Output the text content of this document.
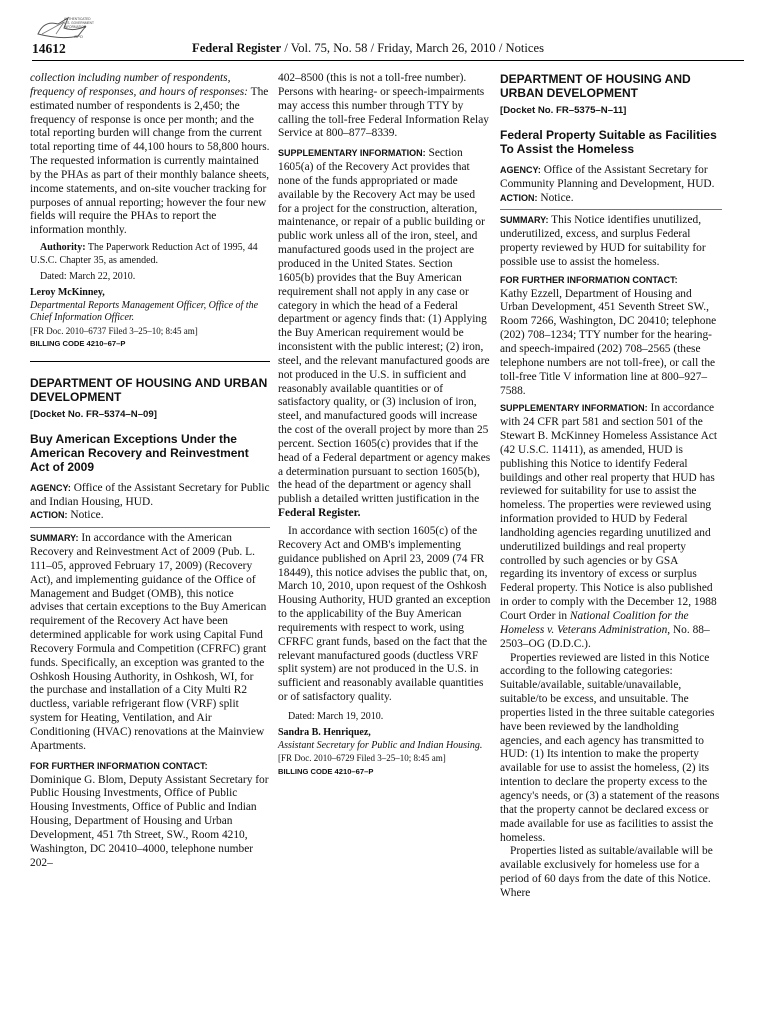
AUTHENTICATED
U.S. GOVERNMENT
INFORMATION
GPO
14612	Federal Register / Vol. 75, No. 58 / Friday, March 26, 2010 / Notices

collection including number of respondents, frequency of responses, and hours of responses: The estimated number of respondents is 2,450; the frequency of response is once per month; and the total reporting burden will change from the current total reporting time of 44,100 hours to 58,800 hours. The requested information is currently maintained by the PHAs as part of their monthly balance sheets, income statements, and on-site voucher tracking for purposes of annual reporting; however the four new fields will require the PHAs to report the information monthly.

Authority: The Paperwork Reduction Act of 1995, 44 U.S.C. Chapter 35, as amended.

Dated: March 22, 2010.

Leroy McKinney,

Departmental Reports Management Officer, Office of the Chief Information Officer.

[FR Doc. 2010–6737 Filed 3–25–10; 8:45 am]

BILLING CODE 4210–67–P

DEPARTMENT OF HOUSING AND URBAN DEVELOPMENT

[Docket No. FR–5374–N–09]

Buy American Exceptions Under the American Recovery and Reinvestment Act of 2009

AGENCY: Office of the Assistant Secretary for Public and Indian Housing, HUD.

ACTION: Notice.

SUMMARY: In accordance with the American Recovery and Reinvestment Act of 2009 (Pub. L. 111–05, approved February 17, 2009) (Recovery Act), and implementing guidance of the Office of Management and Budget (OMB), this notice advises that certain exceptions to the Buy American requirement of the Recovery Act have been determined applicable for work using Capital Fund Recovery Formula and Competition (CFRFC) grant funds. Specifically, an exception was granted to the Oshkosh Housing Authority, in Oshkosh, WI, for the purchase and installation of a City Multi R2 ductless, variable refrigerant flow (VRF) split system for Heating, Ventilation, and Air Conditioning (HVAC) renovations at the Mainview Apartments.

FOR FURTHER INFORMATION CONTACT:

Dominique G. Blom, Deputy Assistant Secretary for Public Housing Investments, Office of Public Housing Investments, Office of Public and Indian Housing, Department of Housing and Urban Development, 451 7th Street, SW., Room 4210, Washington, DC 20410–4000, telephone number 202–

402–8500 (this is not a toll-free number). Persons with hearing- or speech-impairments may access this number through TTY by calling the toll-free Federal Information Relay Service at 800–877–8339.

SUPPLEMENTARY INFORMATION: Section 1605(a) of the Recovery Act provides that none of the funds appropriated or made available by the Recovery Act may be used for a project for the construction, alteration, maintenance, or repair of a public building or public work unless all of the iron, steel, and manufactured goods used in the project are produced in the United States. Section 1605(b) provides that the Buy American requirement shall not apply in any case or category in which the head of a Federal department or agency finds that: (1) Applying the Buy American requirement would be inconsistent with the public interest; (2) iron, steel, and the relevant manufactured goods are not produced in the U.S. in sufficient and reasonably available quantities or of satisfactory quality, or (3) inclusion of iron, steel, and manufactured goods will increase the cost of the overall project by more than 25 percent. Section 1605(c) provides that if the head of a Federal department or agency makes a determination pursuant to section 1605(b), the head of the department or agency shall publish a detailed written justification in the Federal Register.

In accordance with section 1605(c) of the Recovery Act and OMB's implementing guidance published on April 23, 2009 (74 FR 18449), this notice advises the public that, on, March 10, 2010, upon request of the Oshkosh Housing Authority, HUD granted an exception to the applicability of the Buy American requirements with respect to work, using CFRFC grant funds, based on the fact that the relevant manufactured goods (ductless VRF split system) are not produced in the U.S. in sufficient and reasonably available quantities or of satisfactory quality.

Dated: March 19, 2010.

Sandra B. Henriquez,

Assistant Secretary for Public and Indian Housing.

[FR Doc. 2010–6729 Filed 3–25–10; 8:45 am]

BILLING CODE 4210–67–P

DEPARTMENT OF HOUSING AND URBAN DEVELOPMENT

[Docket No. FR–5375–N–11]

Federal Property Suitable as Facilities To Assist the Homeless

AGENCY: Office of the Assistant Secretary for Community Planning and Development, HUD.

ACTION: Notice.

SUMMARY: This Notice identifies unutilized, underutilized, excess, and surplus Federal property reviewed by HUD for suitability for possible use to assist the homeless.

FOR FURTHER INFORMATION CONTACT:

Kathy Ezzell, Department of Housing and Urban Development, 451 Seventh Street SW., Room 7266, Washington, DC 20410; telephone (202) 708–1234; TTY number for the hearing- and speech-impaired (202) 708–2565 (these telephone numbers are not toll-free), or call the toll-free Title V information line at 800–927–7588.

SUPPLEMENTARY INFORMATION: In accordance with 24 CFR part 581 and section 501 of the Stewart B. McKinney Homeless Assistance Act (42 U.S.C. 11411), as amended, HUD is publishing this Notice to identify Federal buildings and other real property that HUD has reviewed for suitability for use to assist the homeless. The properties were reviewed using information provided to HUD by Federal landholding agencies regarding unutilized and underutilized buildings and real property controlled by such agencies or by GSA regarding its inventory of excess or surplus Federal property. This Notice is also published in order to comply with the December 12, 1988 Court Order in National Coalition for the Homeless v. Veterans Administration, No. 88–2503–OG (D.D.C.).

Properties reviewed are listed in this Notice according to the following categories: Suitable/available, suitable/unavailable, suitable/to be excess, and unsuitable. The properties listed in the three suitable categories have been reviewed by the landholding agencies, and each agency has transmitted to HUD: (1) Its intention to make the property available for use to assist the homeless, (2) its intention to declare the property excess to the agency's needs, or (3) a statement of the reasons that the property cannot be declared excess or made available for use as facilities to assist the homeless.

Properties listed as suitable/available will be available exclusively for homeless use for a period of 60 days from the date of this Notice. Where
